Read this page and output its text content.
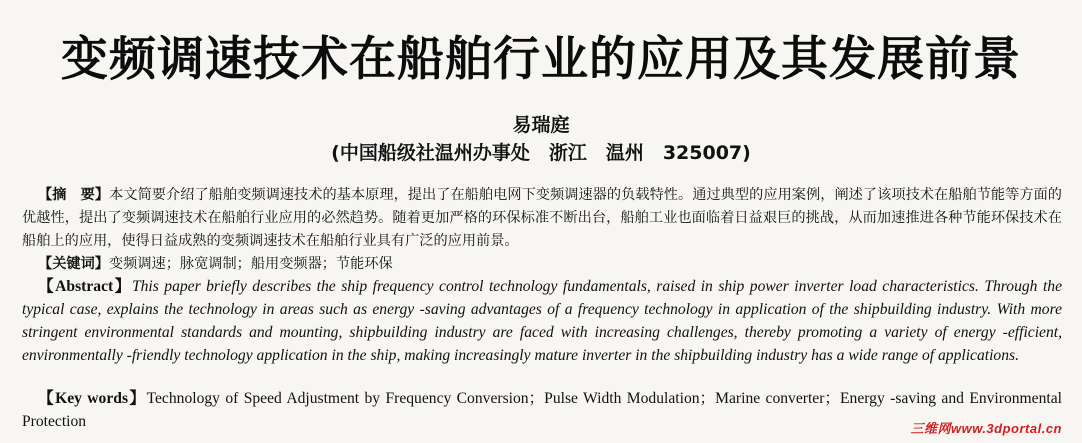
变频调速技术在船舶行业的应用及其发展前景
易瑞庭
(中国船级社温州办事处　浙江　温州　325007)
【摘　要】本文简要介绍了船舶变频调速技术的基本原理，提出了在船舶电网下变频调速器的负载特性。通过典型的应用案例，阐述了该项技术在船舶节能等方面的优越性，提出了变频调速技术在船舶行业应用的必然趋势。随着更加严格的环保标准不断出台，船舶工业也面临着日益艰巨的挑战，从而加速推进各种节能环保技术在船舶上的应用，使得日益成熟的变频调速技术在船舶行业具有广泛的应用前景。
【关键词】变频调速；脉宽调制；船用变频器；节能环保
【Abstract】This paper briefly describes the ship frequency control technology fundamentals, raised in ship power inverter load characteristics. Through the typical case, explains the technology in areas such as energy -saving advantages of a frequency technology in application of the shipbuilding industry. With more stringent environmental standards and mounting, shipbuilding industry are faced with increasing challenges, thereby promoting a variety of energy -efficient, environmentally -friendly technology application in the ship, making increasingly mature inverter in the shipbuilding industry has a wide range of applications.
【Key words】Technology of Speed Adjustment by Frequency Conversion；Pulse Width Modulation；Marine converter；Energy -saving and Environmental Protection	三维网www.3dportal.cn
